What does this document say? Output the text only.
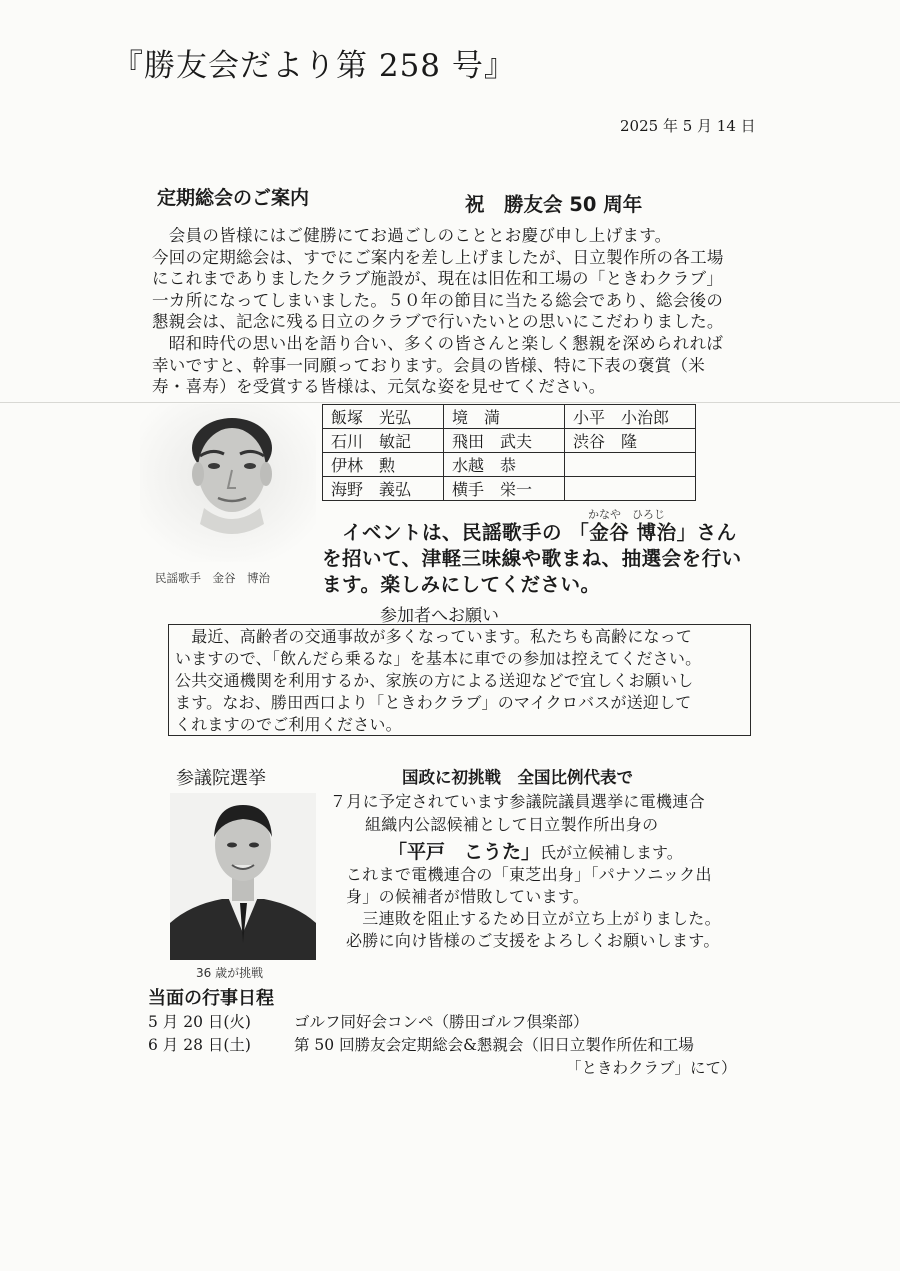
『勝友会だより第 258 号』
2025 年 5 月 14 日
定期総会のご案内	祝　勝友会 50 周年

　会員の皆様にはご健勝にてお過ごしのこととお慶び申し上げます。

今回の定期総会は、すでにご案内を差し上げましたが、日立製作所の各工場

にこれまでありましたクラブ施設が、現在は旧佐和工場の「ときわクラブ」

一カ所になってしまいました。５０年の節目に当たる総会であり、総会後の

懇親会は、記念に残る日立のクラブで行いたいとの思いにこだわりました。

　昭和時代の思い出を語り合い、多くの皆さんと楽しく懇親を深められれば

幸いですと、幹事一同願っております。会員の皆様、特に下表の褒賞（米

寿・喜寿）を受賞する皆様は、元気な姿を見せてください。

民謡歌手　金谷　博治
飯塚　光弘	境　満	小平　小治郎
石川　敏記	飛田　武夫	渋谷　隆
伊林　勲	水越　恭	
海野　義弘	横手　栄一	
かなや　ひろじ

　イベントは、民謡歌手の 「金谷 博治」さん

を招いて、津軽三味線や歌まね、抽選会を行い

ます。楽しみにしてください。

参加者へお願い

　最近、高齢者の交通事故が多くなっています。私たちも高齢になって

いますので、「飲んだら乗るな」を基本に車での参加は控えてください。

公共交通機関を利用するか、家族の方による送迎などで宜しくお願いし

ます。なお、勝田西口より「ときわクラブ」のマイクロバスが送迎して

くれますのでご利用ください。

参議院選挙	国政に初挑戦　全国比例代表で
36 歳が挑戦
７月に予定されています参議院議員選挙に電機連合
組織内公認候補として日立製作所出身の
「平戸　こうた」氏が立候補します。

これまで電機連合の「東芝出身」「パナソニック出

身」の候補者が惜敗しています。

　三連敗を阻止するため日立が立ち上がりました。

必勝に向け皆様のご支援をよろしくお願いします。

当面の行事日程
5 月 20 日(火)	ゴルフ同好会コンペ（勝田ゴルフ倶楽部）
6 月 28 日(土)	第 50 回勝友会定期総会&懇親会（旧日立製作所佐和工場
「ときわクラブ」にて）
